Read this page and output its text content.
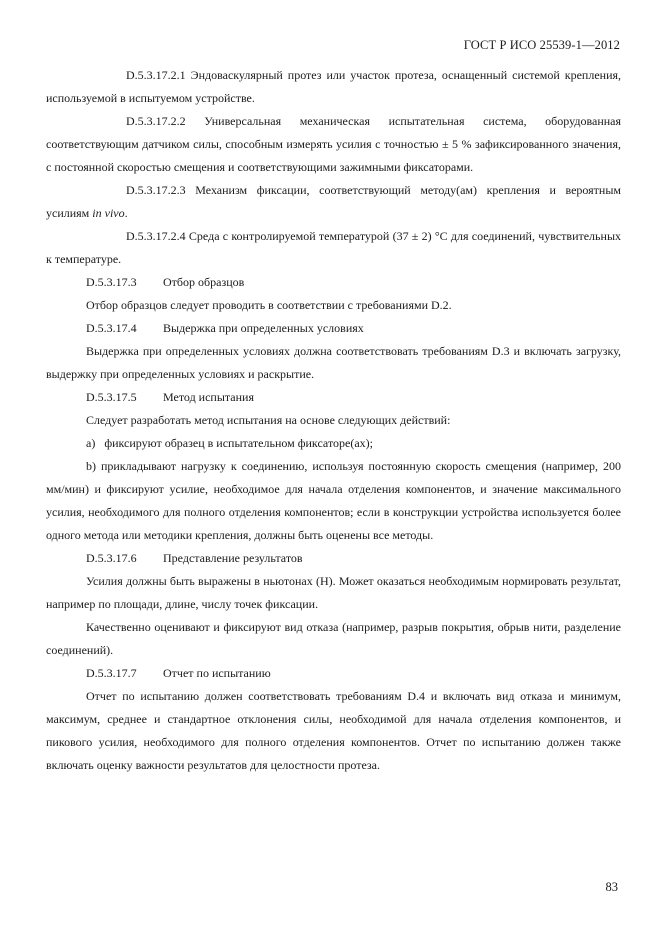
ГОСТ Р ИСО 25539-1—2012

D.5.3.17.2.1 Эндоваскулярный протез или участок протеза, оснащенный системой крепления, используемой в испытуемом устройстве.

D.5.3.17.2.2 Универсальная механическая испытательная система, оборудованная соответствующим датчиком силы, способным измерять усилия с точностью ± 5 % зафиксированного значения, с постоянной скоростью смещения и соответствующими зажимными фиксаторами.

D.5.3.17.2.3 Механизм фиксации, соответствующий методу(ам) крепления и вероятным усилиям in vivo.

D.5.3.17.2.4 Среда с контролируемой температурой (37 ± 2) °С для соединений, чувствительных к температуре.

D.5.3.17.3 Отбор образцов

Отбор образцов следует проводить в соответствии с требованиями D.2.

D.5.3.17.4 Выдержка при определенных условиях

Выдержка при определенных условиях должна соответствовать требованиям D.3 и включать загрузку, выдержку при определенных условиях и раскрытие.

D.5.3.17.5 Метод испытания

Следует разработать метод испытания на основе следующих действий:

a)   фиксируют образец в испытательном фиксаторе(ах);

b) прикладывают нагрузку к соединению, используя постоянную скорость смещения (например, 200 мм/мин) и фиксируют усилие, необходимое для начала отделения компонентов, и значение максимального усилия, необходимого для полного отделения компонентов; если в конструкции устройства используется более одного метода или методики крепления, должны быть оценены все методы.

D.5.3.17.6 Представление результатов

Усилия должны быть выражены в ньютонах (Н). Может оказаться необходимым нормировать результат, например по площади, длине, числу точек фиксации.

Качественно оценивают и фиксируют вид отказа (например, разрыв покрытия, обрыв нити, разделение соединений).

D.5.3.17.7 Отчет по испытанию

Отчет по испытанию должен соответствовать требованиям D.4 и включать вид отказа и минимум, максимум, среднее и стандартное отклонения силы, необходимой для начала отделения компонентов, и пикового усилия, необходимого для полного отделения компонентов. Отчет по испытанию должен также включать оценку важности результатов для целостности протеза.

83
